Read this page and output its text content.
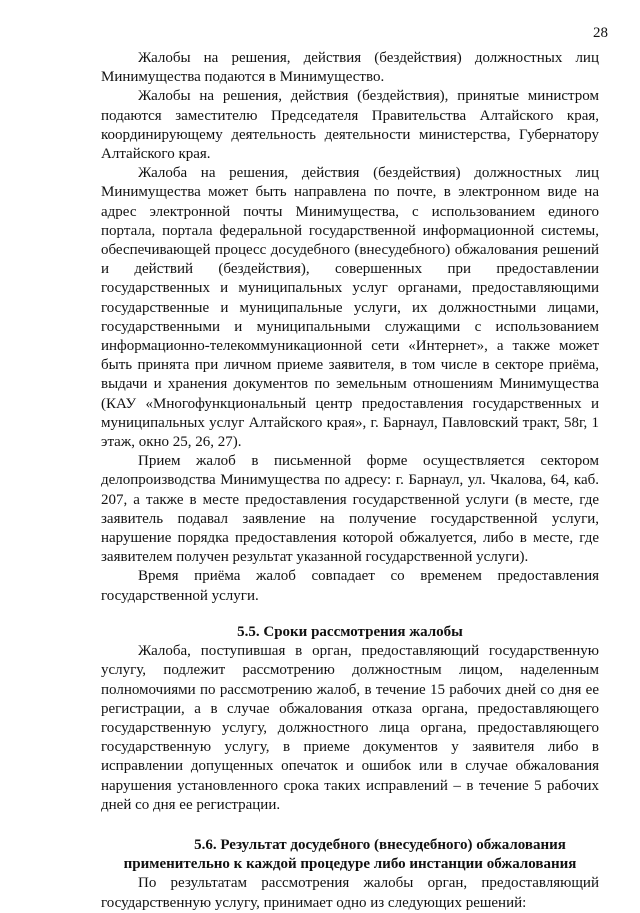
28

Жалобы на решения, действия (бездействия) должностных лиц Минимущества подаются в Минимущество.

Жалобы на решения, действия (бездействия), принятые министром подаются заместителю Председателя Правительства Алтайского края, координирующему деятельность деятельности министерства, Губернатору Алтайского края.

Жалоба на решения, действия (бездействия) должностных лиц Минимущества может быть направлена по почте, в электронном виде на адрес электронной почты Минимущества, с использованием единого портала, портала федеральной государственной информационной системы, обеспечивающей процесс досудебного (внесудебного) обжалования решений и действий (бездействия), совершенных при предоставлении государственных и муниципальных услуг органами, предоставляющими государственные и муниципальные услуги, их должностными лицами, государственными и муниципальными служащими с использованием информационно-телекоммуникационной сети «Интернет», а также может быть принята при личном приеме заявителя, в том числе в секторе приёма, выдачи и хранения документов по земельным отношениям Минимущества (КАУ «Многофункциональный центр предоставления государственных и муниципальных услуг Алтайского края», г. Барнаул, Павловский тракт, 58г, 1 этаж, окно 25, 26, 27).

Прием жалоб в письменной форме осуществляется сектором делопроизводства Минимущества по адресу: г. Барнаул, ул. Чкалова, 64, каб. 207, а также в месте предоставления государственной услуги (в месте, где заявитель подавал заявление на получение государственной услуги, нарушение порядка предоставления которой обжалуется, либо в месте, где заявителем получен результат указанной государственной услуги).

Время приёма жалоб совпадает со временем предоставления государственной услуги.

5.5. Сроки рассмотрения жалобы

Жалоба, поступившая в орган, предоставляющий государственную услугу, подлежит рассмотрению должностным лицом, наделенным полномочиями по рассмотрению жалоб, в течение 15 рабочих дней со дня ее регистрации, а в случае обжалования отказа органа, предоставляющего государственную услугу, должностного лица органа, предоставляющего государственную услугу, в приеме документов у заявителя либо в исправлении допущенных опечаток и ошибок или в случае обжалования нарушения установленного срока таких исправлений – в течение 5 рабочих дней со дня ее регистрации.

5.6. Результат досудебного (внесудебного) обжалования
применительно к каждой процедуре либо инстанции обжалования

По результатам рассмотрения жалобы орган, предоставляющий государственную услугу, принимает одно из следующих решений:
